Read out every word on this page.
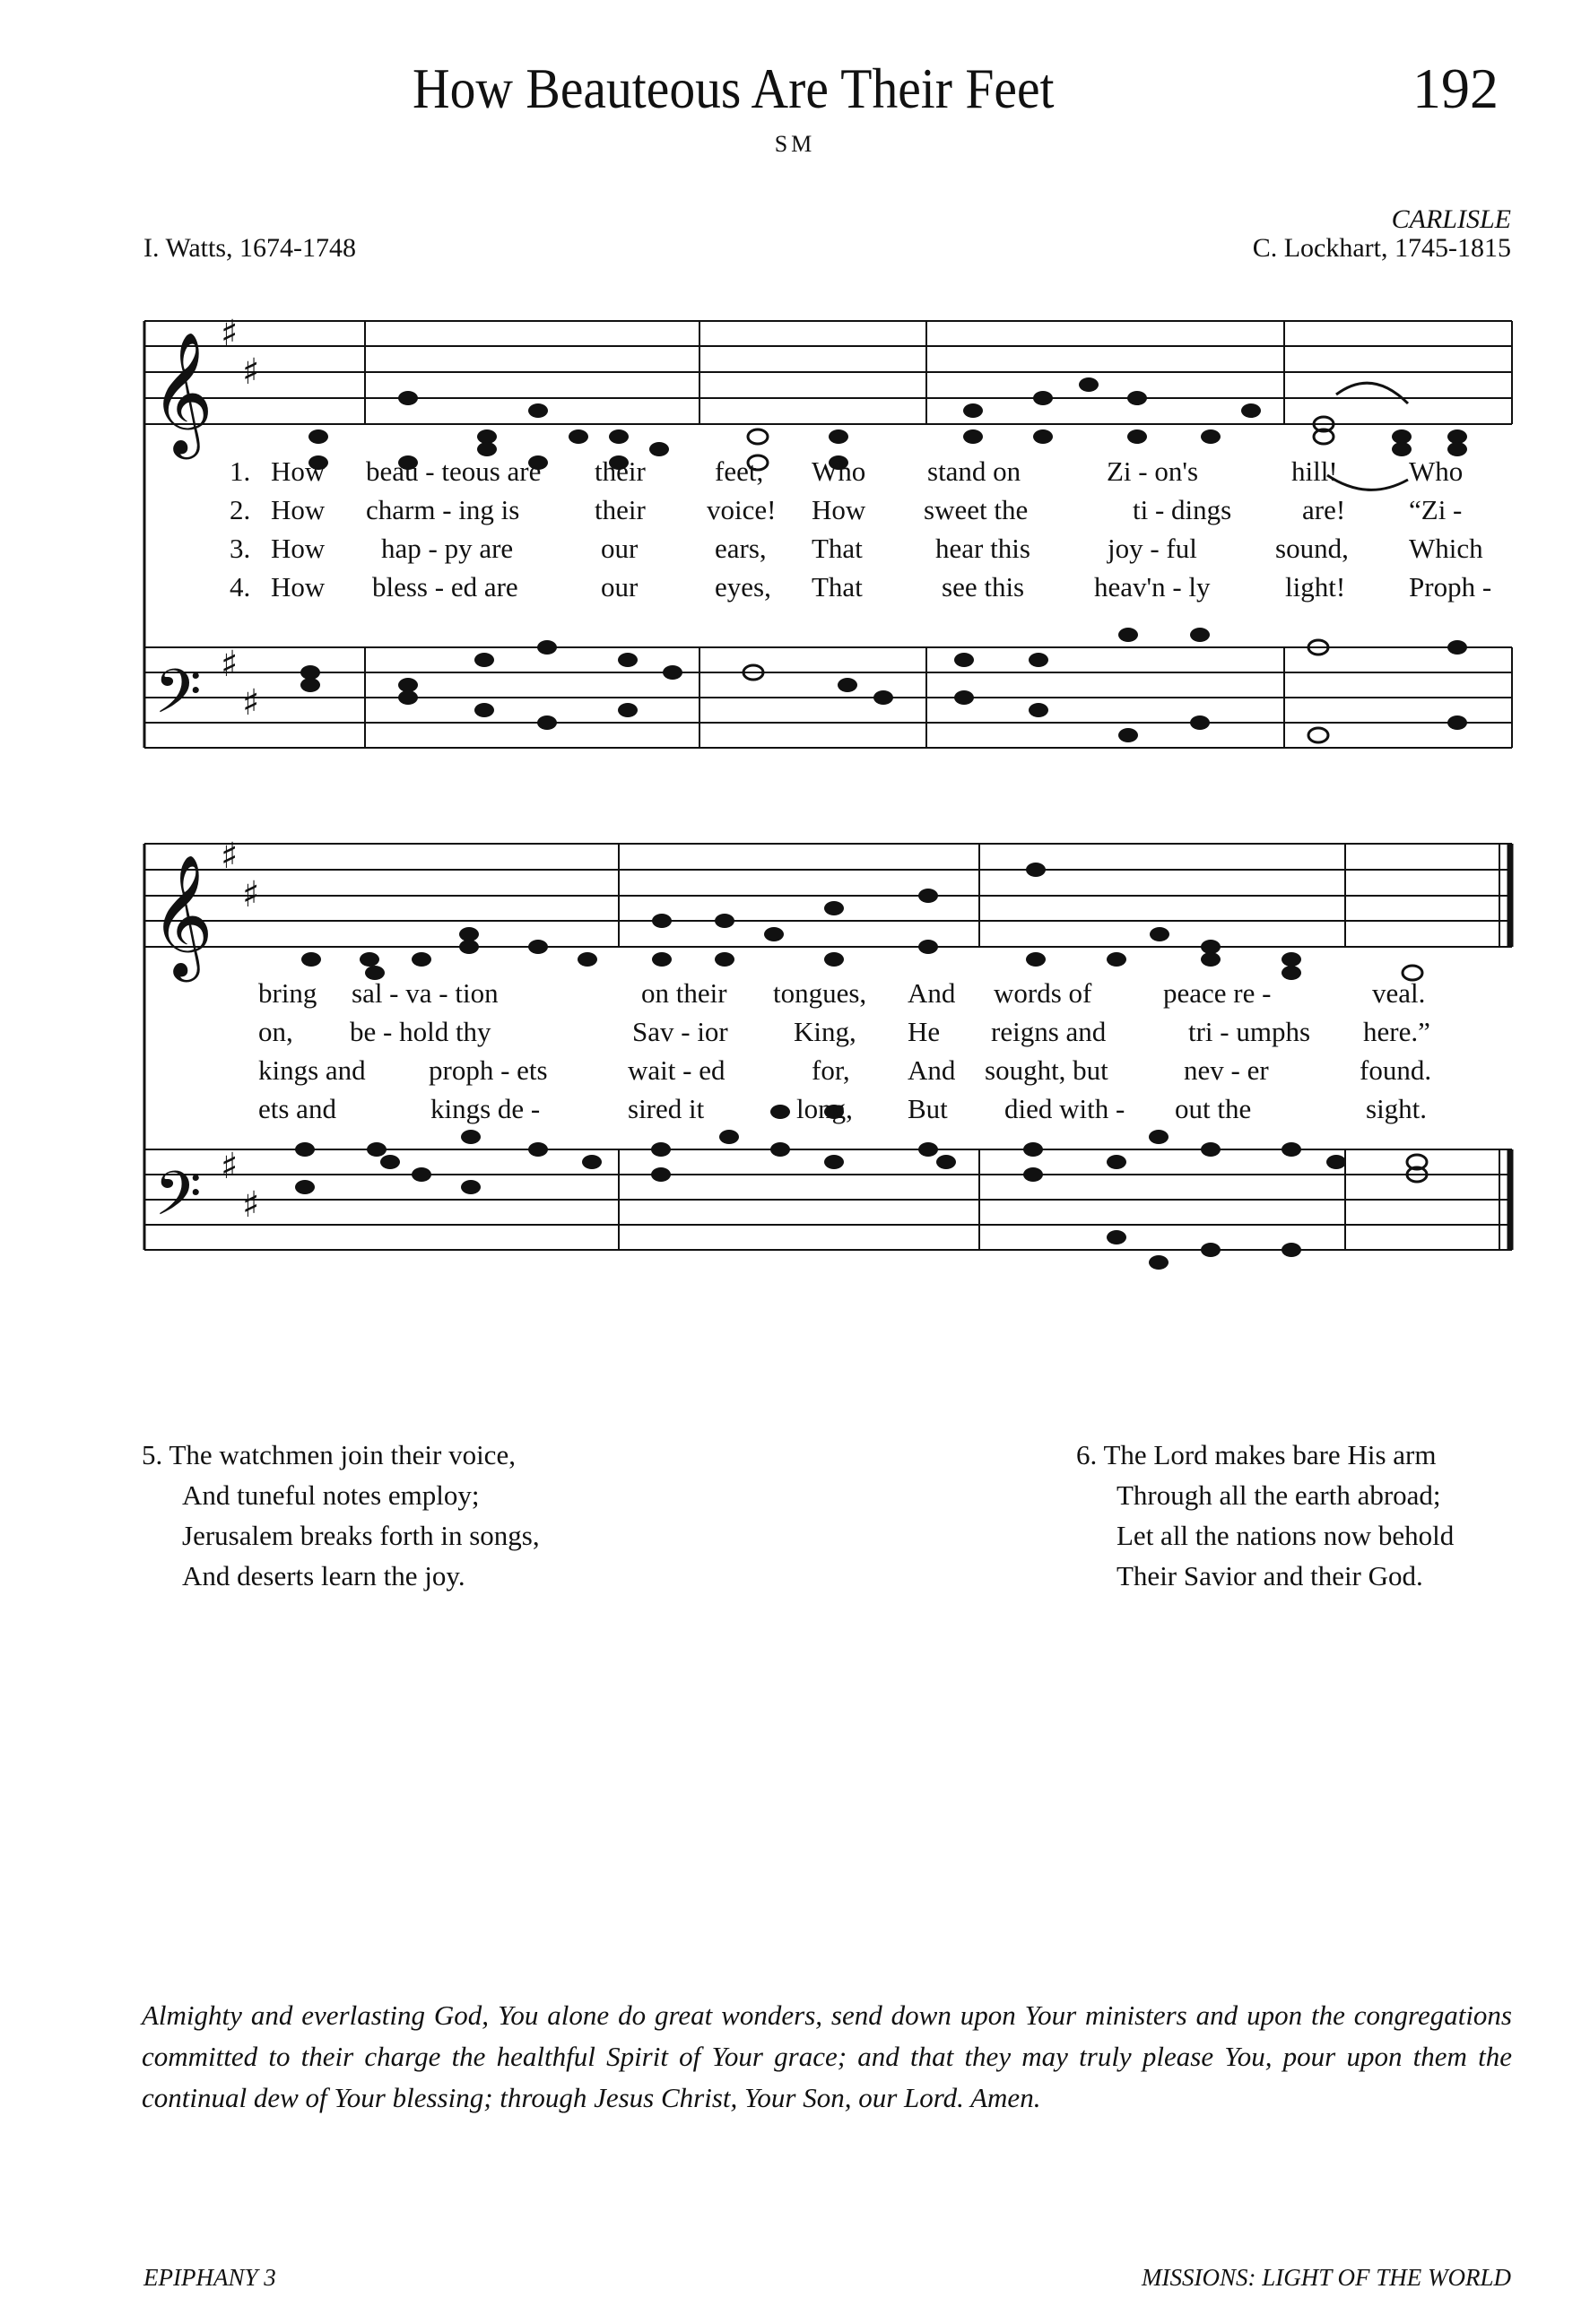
How Beauteous Are Their Feet	192
SM
CARLISLE
I. Watts, 1674-1748	C. Lockhart, 1745-1815
𝄞
𝄢
𝄞
𝄢
♯
♯
♯
♯
♯
♯
♯
♯
1. How beau - teous are their feet, Who stand on	Zi - on's	hill!	Who
2. How charm - ing is	their voice! How sweet the	ti - dings	are! “Zi -
3. How hap - py are	our	ears, That	hear this	joy - ful	sound, Which
4. How bless - ed are	our	eyes, That	see this	heav'n - ly	light! Proph -
bring sal - va - tion	on their tongues, And words of	peace re -	veal.
on, be - hold thy	Sav - ior King, He reigns and	tri - umphs here.”
kings and proph - ets	wait - ed	for, And sought, but	nev - er	found.
ets and	kings de -	sired it	long, But died with - out the	sight.
5. The watchmen join their voice,
And tuneful notes employ;
Jerusalem breaks forth in songs,
And deserts learn the joy.
6. The Lord makes bare His arm
Through all the earth abroad;
Let all the nations now behold
Their Savior and their God.
Almighty and everlasting God, You alone do great wonders, send down upon Your ministers and upon the congregations committed to their charge the healthful Spirit of Your grace; and that they may truly please You, pour upon them the continual dew of Your blessing; through Jesus Christ, Your Son, our Lord. Amen.
EPIPHANY 3	MISSIONS: LIGHT OF THE WORLD
